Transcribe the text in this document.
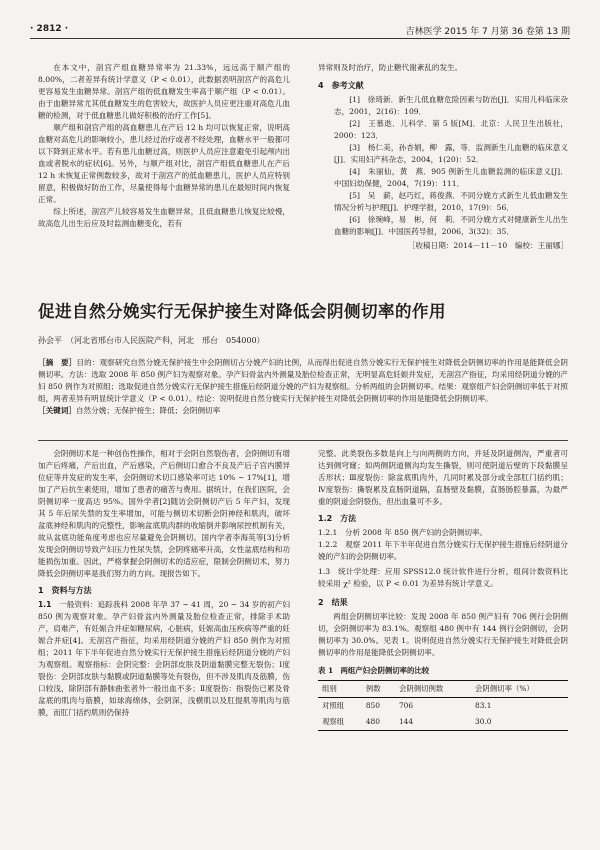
· 2812 ·	吉林医学 2015 年 7 月第 36 卷第 13 期

在本文中，剖宫产组血糖异常率为 21.33%，远远高于顺产组的 8.00%，二者差异有统计学意义（P < 0.01），此数据表明剖宫产的高危儿更容易发生血糖异常。剖宫产组的低血糖发生率高于顺产组（P < 0.01）。由于血糖异常尤其低血糖发生的危害较大，故医护人员应更注重对高危儿血糖的检测，对于低血糖患儿做好积极的治疗工作[5]。

顺产组和剖宫产组的高血糖患儿在产后 12 h 均可以恢复正常，说明高血糖对高危儿的影响较小，患儿经过治疗或者不经处理，血糖水平一般都可以下降到正常水平。若有患儿血糖过高，则医护人员应注意避免引起颅内出血或者脱水的症状[6]。另外，与顺产组对比，剖宫产组低血糖患儿在产后 12 h 未恢复正常例数较多，故对于剖宫产的低血糖患儿，医护人员应特别留意，积极做好防治工作，尽量使得每个血糖异常的患儿在最短时间内恢复正常。

综上所述，剖宫产儿较容易发生血糖异常，且低血糖患儿恢复比较慢，故高危儿出生后应及时监测血糖变化，若有

异常则及时治疗，防止糖代谢紊乱的发生。

4　参考文献

[1]　徐琦新．新生儿低血糖危险因素与防治[J]．实用儿科临床杂志，2001，2(16)：109．

[2]　王慕逖．儿科学．第 5 版[M]．北京：人民卫生出版社，2000：123．

[3]　杨仁美，孙杏娟，柳　露，等．监测新生儿血糖的临床意义[J]．实用妇产科杂志，2004，1(20)：52．

[4]　朱丽仙，黄　燕．905 例新生儿血糖监测的临床意义[J]．中国妇幼保健，2004，7(19)：111．

[5]　吴　薪，赵巧红，蒋俊燕．不同分娩方式新生儿低血糖发生情况分析与护理[J]．护理学报，2010，17(9)：56．

[6]　徐琬峰，易　彬，何　莉．不同分娩方式对健康新生儿出生血糖的影响[J]．中国医药导报，2006，3(32)：35．

［收稿日期：2014－11－10　编校：王丽娜］
促进自然分娩实行无保护接生对降低会阴侧切率的作用
孙会平　（河北省邢台市人民医院产科，河北　邢台　054000）

［摘　要］目的：观察研究自然分娩无保护接生中会阴侧切占分娩产妇的比例，从而得出促进自然分娩实行无保护接生对降低会阴侧切率的作用是能降低会阴侧切率。方法：选取 2008 年 850 例产妇为观察对象。孕产妇骨盆内外测量及胎位检查正常，无明显高危妊娠并发症，无剖宫产指征，均采用经阴道分娩的产妇 850 例作为对照组；选取促进自然分娩实行无保护接生措施后经阴道分娩的产妇为观察组。分析两组的会阴侧切率。结果：观察组产妇会阴侧切率低于对照组，两者差异有明显统计学意义（P < 0.01）。结论：说明促进自然分娩实行无保护接生对降低会阴侧切率的作用是能降低会阴侧切率。

［关键词］自然分娩；无保护接生；降低；会阴侧切率

会阴侧切术是一种创伤性操作，相对于会阴自然裂伤者，会阴侧切有增加产后疼痛，产后出血，产后感染，产后侧切口愈合不良及产后子宫内膜异位症等并发症的发生率，会阴侧切术切口感染率可达 10% ~ 17%[1]，增加了产后抗生素使用，增加了患者的痛苦与费用。据统计，在我们医院，会阴侧切率一度高达 95%。国外学者[2]随访会阴侧切产后 5 年产妇，发现其 5 年后尿失禁的发生率增加，可能与侧切术切断会阴神经和肌肉，破坏盆底神经和肌肉的完整性，影响盆底肌肉群的收缩倒并影响尿控机制有关，故从盆底功能角度考虑也应尽量避免会阴侧切。国内学者李海英等[3]分析发现会阴侧切导致产妇压力性尿失禁，会阴疼痛率升高，女性盆底结构和功能损伤加重。因此，严格掌握会阴侧切术的适应症，限制会阴侧切术，努力降低会阴侧切率是我们努力的方向。现报告如下。

1　资料与方法

1.1　 一般资料：追踪我科 2008 年孕 37 ~ 41 周，20 ~ 34 岁的初产妇 850 例为观察对象。孕产妇骨盆内外测量及胎位检查正常，排除手术助产，肩难产，有妊娠合并症如糖尿病，心脏病，妊娠高血压疾病等严重的妊娠合并症[4]。无剖宫产指征，均采用经阴道分娩的产妇 850 例作为对照组；2011 年下半年促进自然分娩实行无保护接生措施后经阴道分娩的产妇为观察组。观察指标：会阴完整：会阴部皮肤及阴道黏膜完整无裂伤；Ⅰ度裂伤：会阴部皮肤与黏膜或阴道黏膜等处有裂伤，但不涉及肌肉及筋膜，伤口较浅，除阴部有静脉曲张者外一般出血不多；Ⅱ度裂伤：指裂伤已累及骨盆底的肌肉与筋膜，如球海绵体，会阴深，浅横肌以及肛提肌等肌肉与筋膜，而肛门括约肌则仍保持

完整。此类裂伤多数是向上与向两侧的方向，并延及阴道侧沟，严重者可达到侧穹窿；如两侧阴道侧沟均发生撕裂，则可使阴道后壁的下段黏膜呈舌形状；Ⅲ度裂伤：除盆底肌肉外，几同时累及部分或全部肛门括约肌；Ⅳ度裂伤：撕裂累及直肠阴道隔，直肠壁及黏膜，直肠肠腔暴露，为最严重的阴道会阴裂伤，但出血量可不多。

1.2　方法

1.2.1　分析 2008 年 850 例产妇的会阴侧切率。

1.2.2　观察 2011 年下半年促进自然分娩实行无保护接生措施后经阴道分娩的产妇的会阴侧切率。

1.3　统计学处理：应用 SPSS12.0 统计软件进行分析，组间计数资料比较采用 χ² 检验，以 P < 0.01 为差异有统计学意义。

2　结果

两组会阴侧切率比较：发现 2008 年 850 例产妇有 706 例行会阴侧切，会阴侧切率为 83.1%。观察组 480 例中有 144 例行会阴侧切，会阴侧切率为 30.0%。见表 1。说明促进自然分娩实行无保护接生对降低会阴侧切率的作用是能降低会阴侧切率。

表 1　两组产妇会阴侧切率的比较
组别	例数	会阴侧切例数	会阴侧切率（%）
对照组	850	706	83.1
观察组	480	144	30.0
